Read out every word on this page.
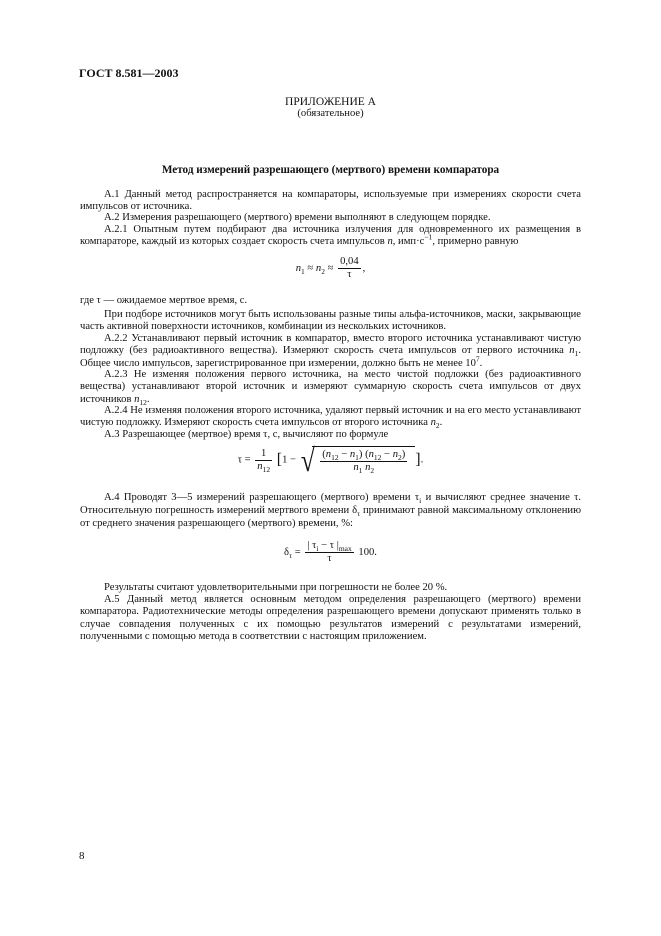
ГОСТ 8.581—2003
ПРИЛОЖЕНИЕ А
(обязательное)
Метод измерений разрешающего (мертвого) времени компаратора
А.1 Данный метод распространяется на компараторы, используемые при измерениях скорости счета импульсов от источника.
А.2 Измерения разрешающего (мертвого) времени выполняют в следующем порядке.
А.2.1 Опытным путем подбирают два источника излучения для одновременного их размещения в компараторе, каждый из которых создает скорость счета импульсов n, $имп\cdot с^{-1}$, примерно равную
$n_1 \approx n_2 \approx \frac{0,04}{\tau}$ ,
где τ — ожидаемое мертвое время, с.
При подборе источников могут быть использованы разные типы альфа-источников, маски, закрывающие часть активной поверхности источников, комбинации из нескольких источников.
А.2.2 Устанавливают первый источник в компаратор, вместо второго источника устанавливают чистую подложку (без радиоактивного вещества). Измеряют скорость счета импульсов от первого источника $n_1$. Общее число импульсов, зарегистрированное при измерении, должно быть не менее $10^7$.
А.2.3 Не изменяя положения первого источника, на место чистой подложки (без радиоактивного вещества) устанавливают второй источник и измеряют суммарную скорость счета импульсов от двух источников $n_{12}$.
А.2.4 Не изменяя положения второго источника, удаляют первый источник и на его место устанавливают чистую подложку. Измеряют скорость счета импульсов от второго источника $n_2$.
А.3 Разрешающее (мертвое) время τ, с, вычисляют по формуле
$\tau = \frac{1}{n_{12}} [1$ − √ $\frac{(n_{12} - n_1) (n_{12} - n_2)}{n_1 n_2}$ ].
А.4 Проводят 3—5 измерений разрешающего (мертвого) времени $\tau_i$ и вычисляют среднее значение τ. Относительную погрешность измерений мертвого времени $\delta_\tau$ принимают равной максимальному отклонению от среднего значения разрешающего (мертвого) времени, %:
$\delta_\tau = \frac{| \tau_i - \tau |_{max}}{\tau} 100$.
Результаты считают удовлетворительными при погрешности не более 20 %.
А.5 Данный метод является основным методом определения разрешающего (мертвого) времени компаратора. Радиотехнические методы определения разрешающего времени допускают применять только в случае совпадения полученных с их помощью результатов измерений с результатами измерений, полученными с помощью метода в соответствии с настоящим приложением.
8
